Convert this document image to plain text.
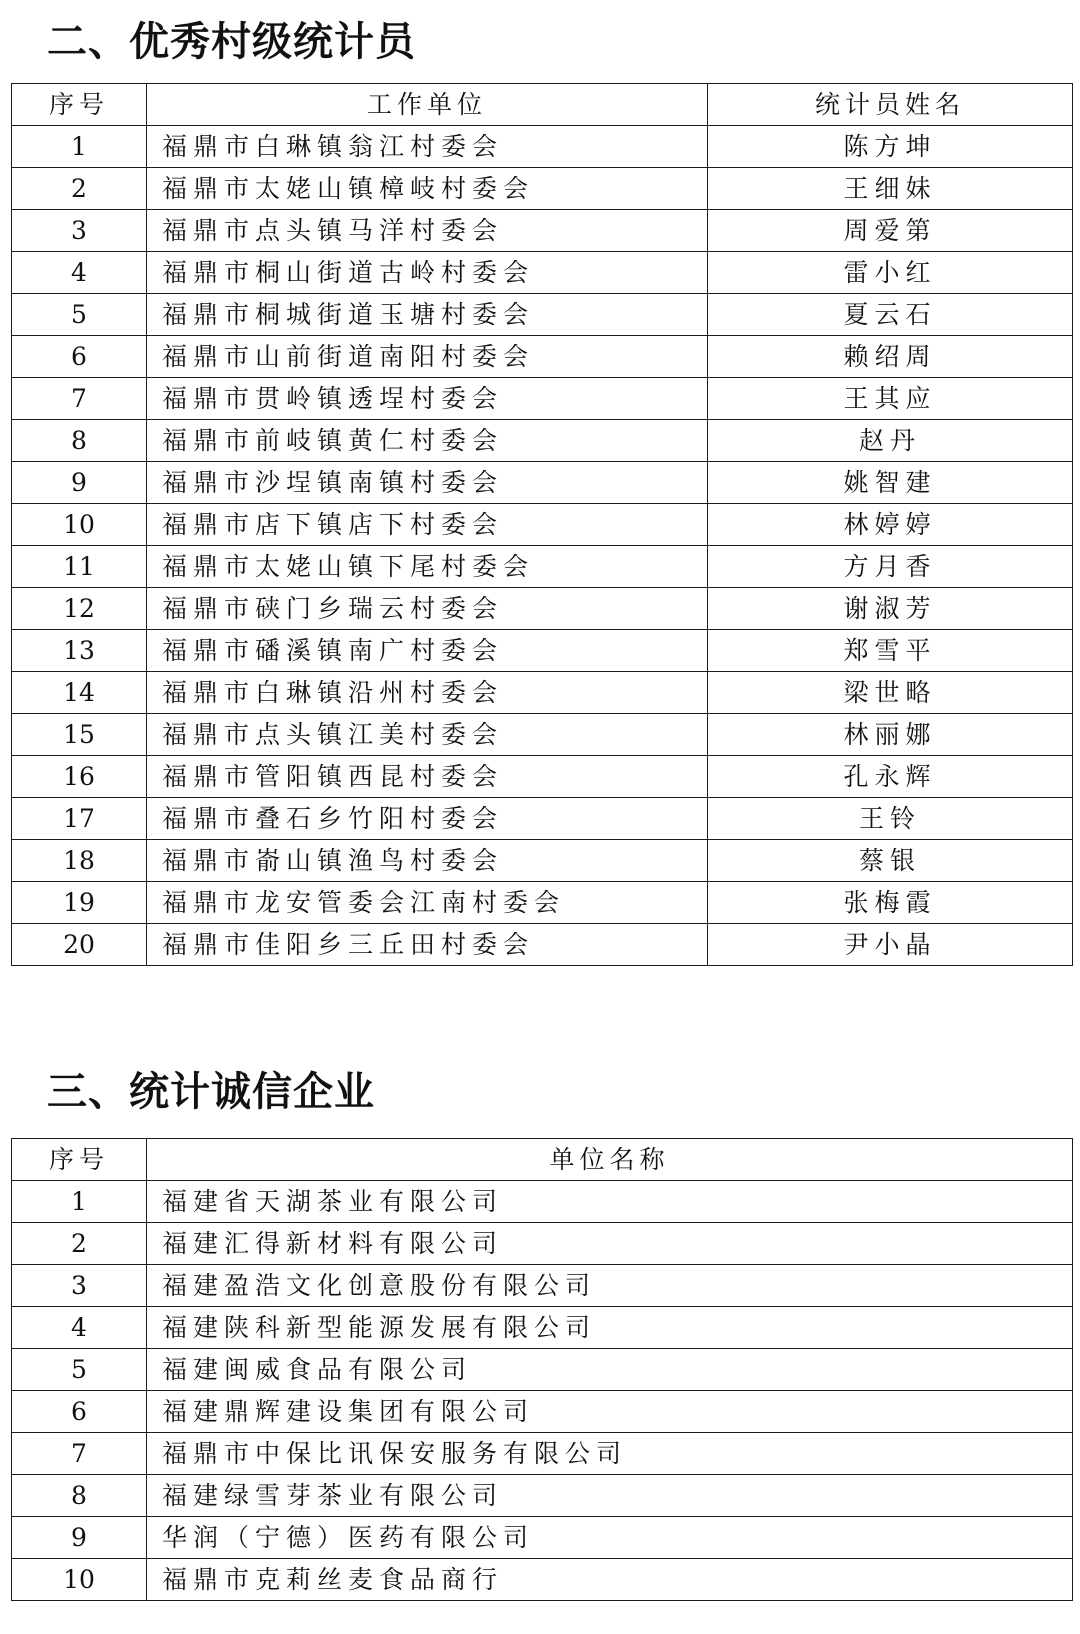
二、优秀村级统计员
序号	工作单位	统计员姓名
1	福鼎市白琳镇翁江村委会	陈方坤
2	福鼎市太姥山镇樟岐村委会	王细妹
3	福鼎市点头镇马洋村委会	周爱第
4	福鼎市桐山街道古岭村委会	雷小红
5	福鼎市桐城街道玉塘村委会	夏云石
6	福鼎市山前街道南阳村委会	赖绍周
7	福鼎市贯岭镇透埕村委会	王其应
8	福鼎市前岐镇黄仁村委会	赵丹
9	福鼎市沙埕镇南镇村委会	姚智建
10	福鼎市店下镇店下村委会	林婷婷
11	福鼎市太姥山镇下尾村委会	方月香
12	福鼎市硖门乡瑞云村委会	谢淑芳
13	福鼎市磻溪镇南广村委会	郑雪平
14	福鼎市白琳镇沿州村委会	梁世略
15	福鼎市点头镇江美村委会	林丽娜
16	福鼎市管阳镇西昆村委会	孔永辉
17	福鼎市叠石乡竹阳村委会	王铃
18	福鼎市嵛山镇渔鸟村委会	蔡银
19	福鼎市龙安管委会江南村委会	张梅霞
20	福鼎市佳阳乡三丘田村委会	尹小晶
三、统计诚信企业
序号	单位名称
1	福建省天湖茶业有限公司
2	福建汇得新材料有限公司
3	福建盈浩文化创意股份有限公司
4	福建陕科新型能源发展有限公司
5	福建闽威食品有限公司
6	福建鼎辉建设集团有限公司
7	福鼎市中保比讯保安服务有限公司
8	福建绿雪芽茶业有限公司
9	华润（宁德）医药有限公司
10	福鼎市克莉丝麦食品商行
